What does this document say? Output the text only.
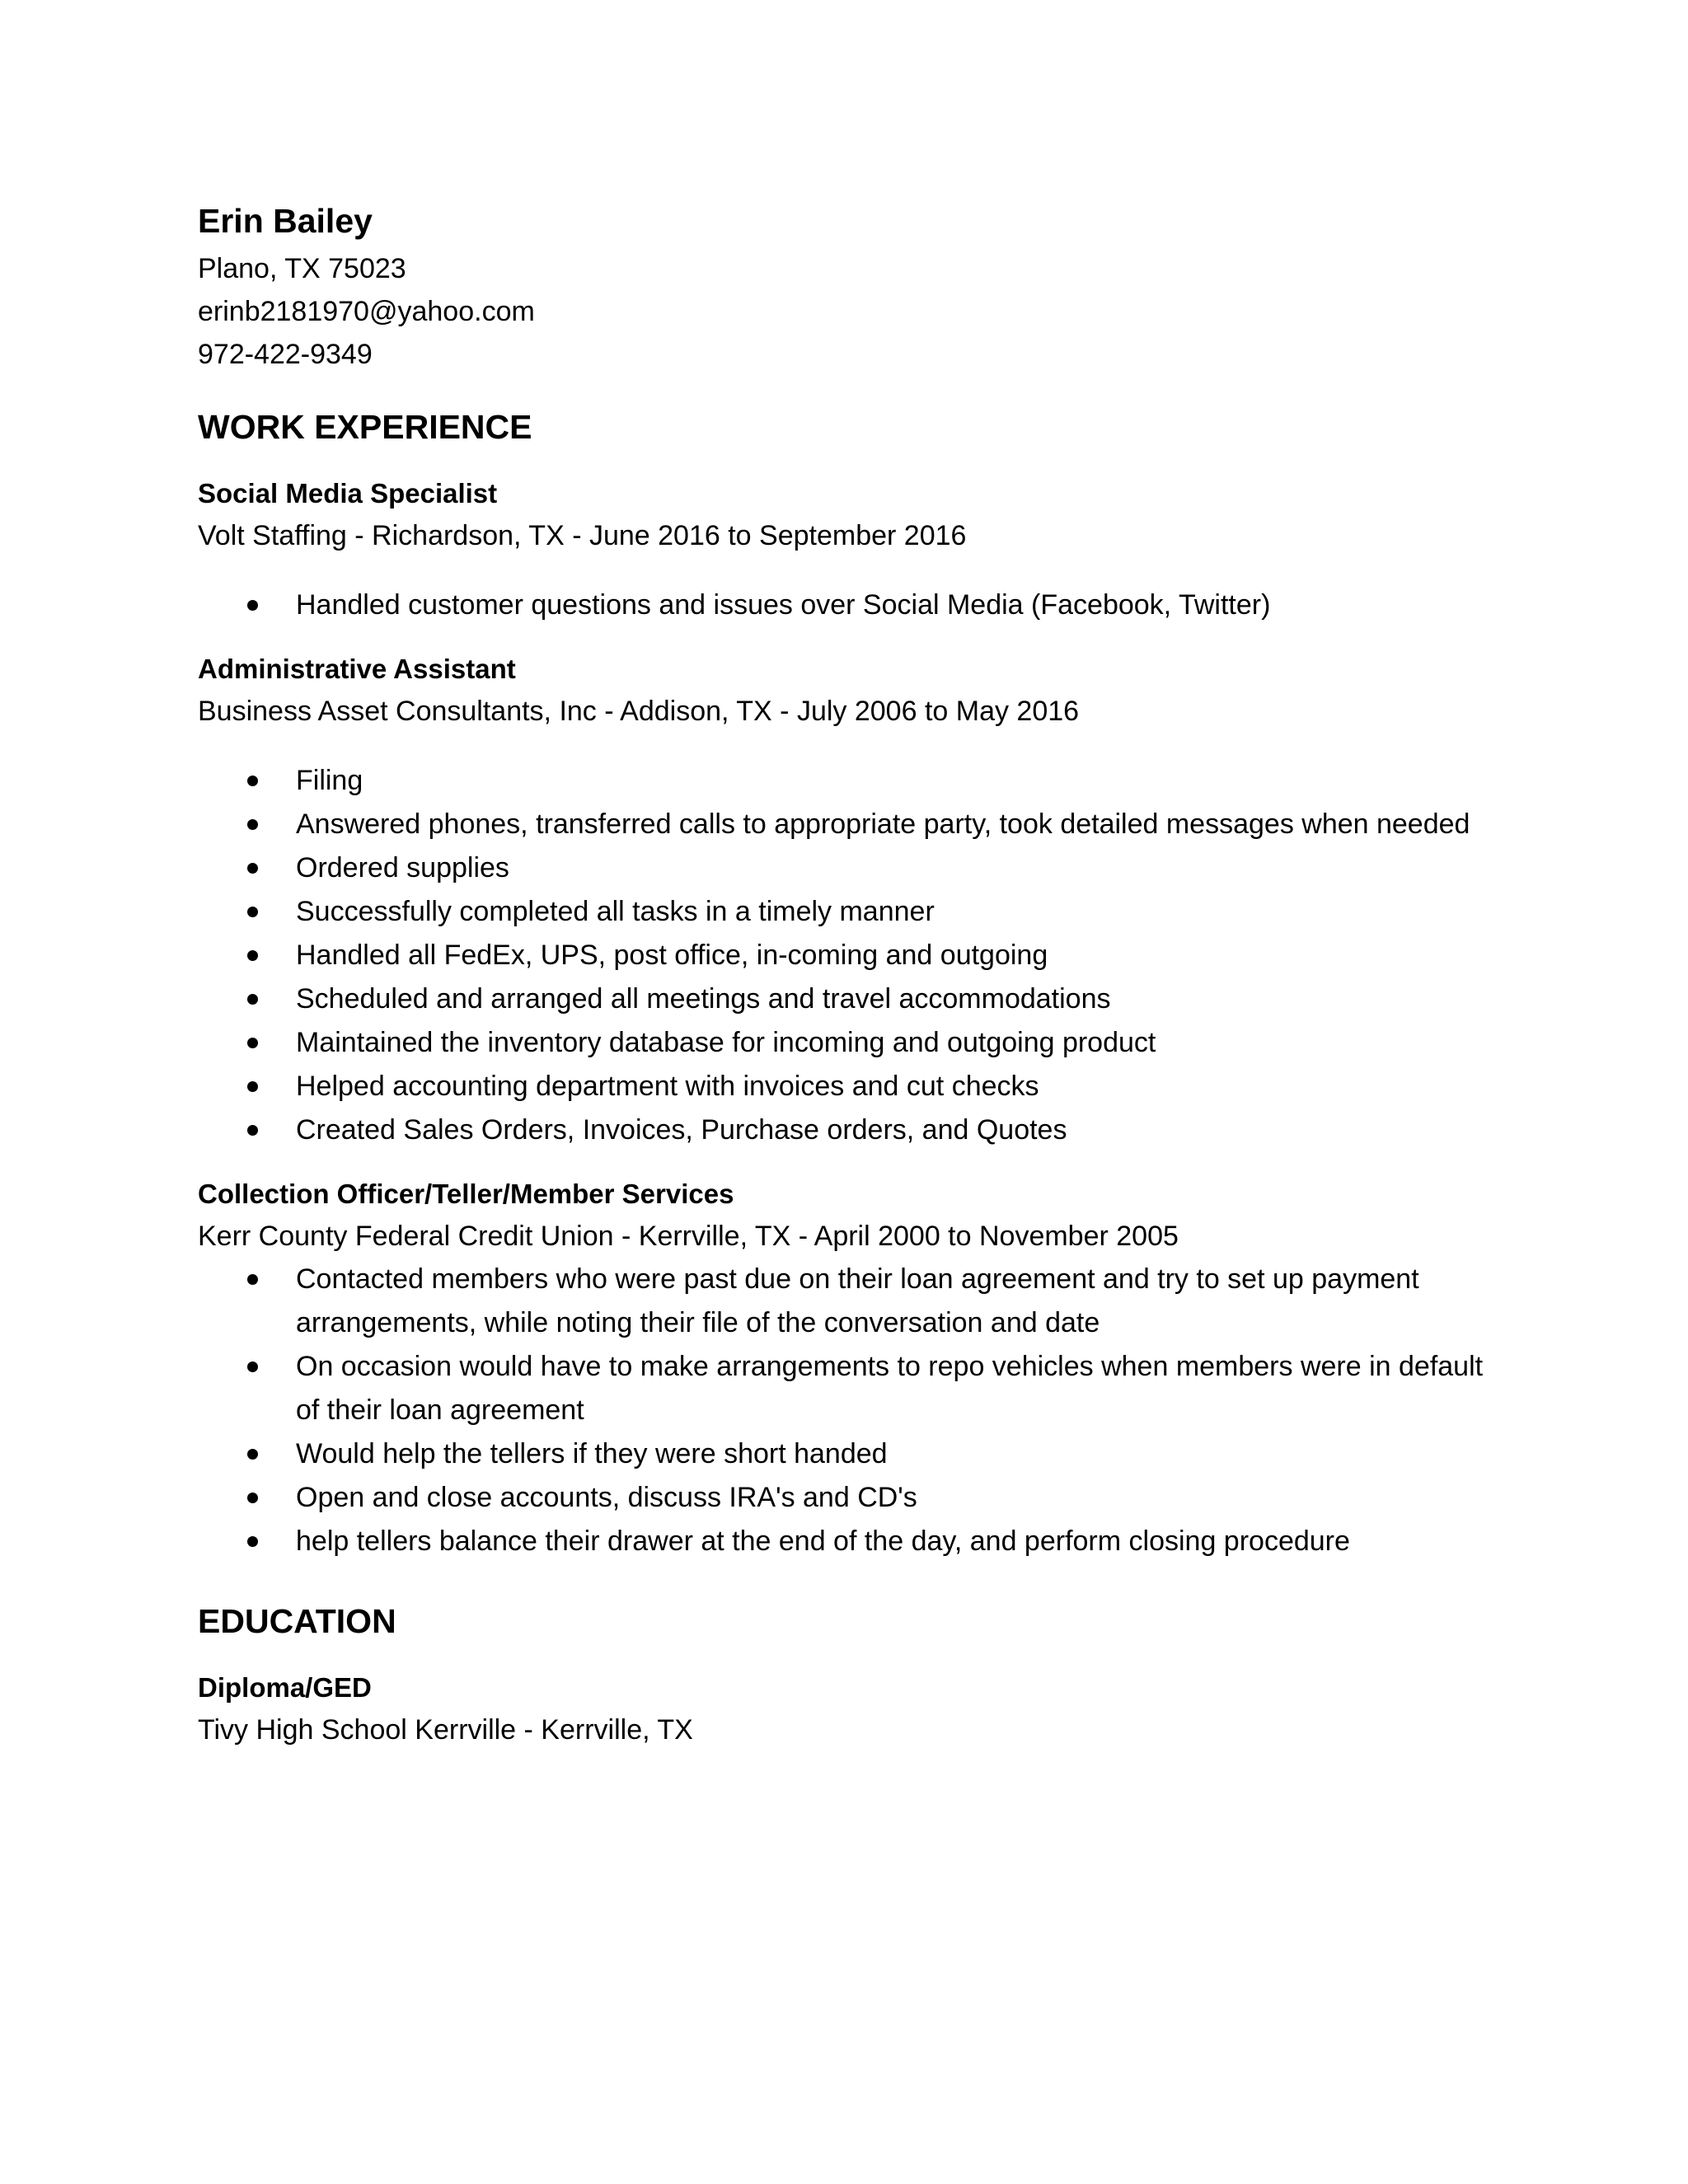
Erin Bailey
Plano, TX 75023
erinb2181970@yahoo.com
972-422-9349
WORK EXPERIENCE
Social Media Specialist
Volt Staffing - Richardson, TX - June 2016 to September 2016
Handled customer questions and issues over Social Media (Facebook, Twitter)
Administrative Assistant
Business Asset Consultants, Inc - Addison, TX - July 2006 to May 2016
Filing
Answered phones, transferred calls to appropriate party, took detailed messages when needed
Ordered supplies
Successfully completed all tasks in a timely manner
Handled all FedEx, UPS, post office, in-coming and outgoing
Scheduled and arranged all meetings and travel accommodations
Maintained the inventory database for incoming and outgoing product
Helped accounting department with invoices and cut checks
Created Sales Orders, Invoices, Purchase orders, and Quotes
Collection Officer/Teller/Member Services
Kerr County Federal Credit Union - Kerrville, TX - April 2000 to November 2005
Contacted members who were past due on their loan agreement and try to set up payment arrangements, while noting their file of the conversation and date
On occasion would have to make arrangements to repo vehicles when members were in default of their loan agreement
Would help the tellers if they were short handed
Open and close accounts, discuss IRA's and CD's
help tellers balance their drawer at the end of the day, and perform closing procedure
EDUCATION
Diploma/GED
Tivy High School Kerrville - Kerrville, TX
